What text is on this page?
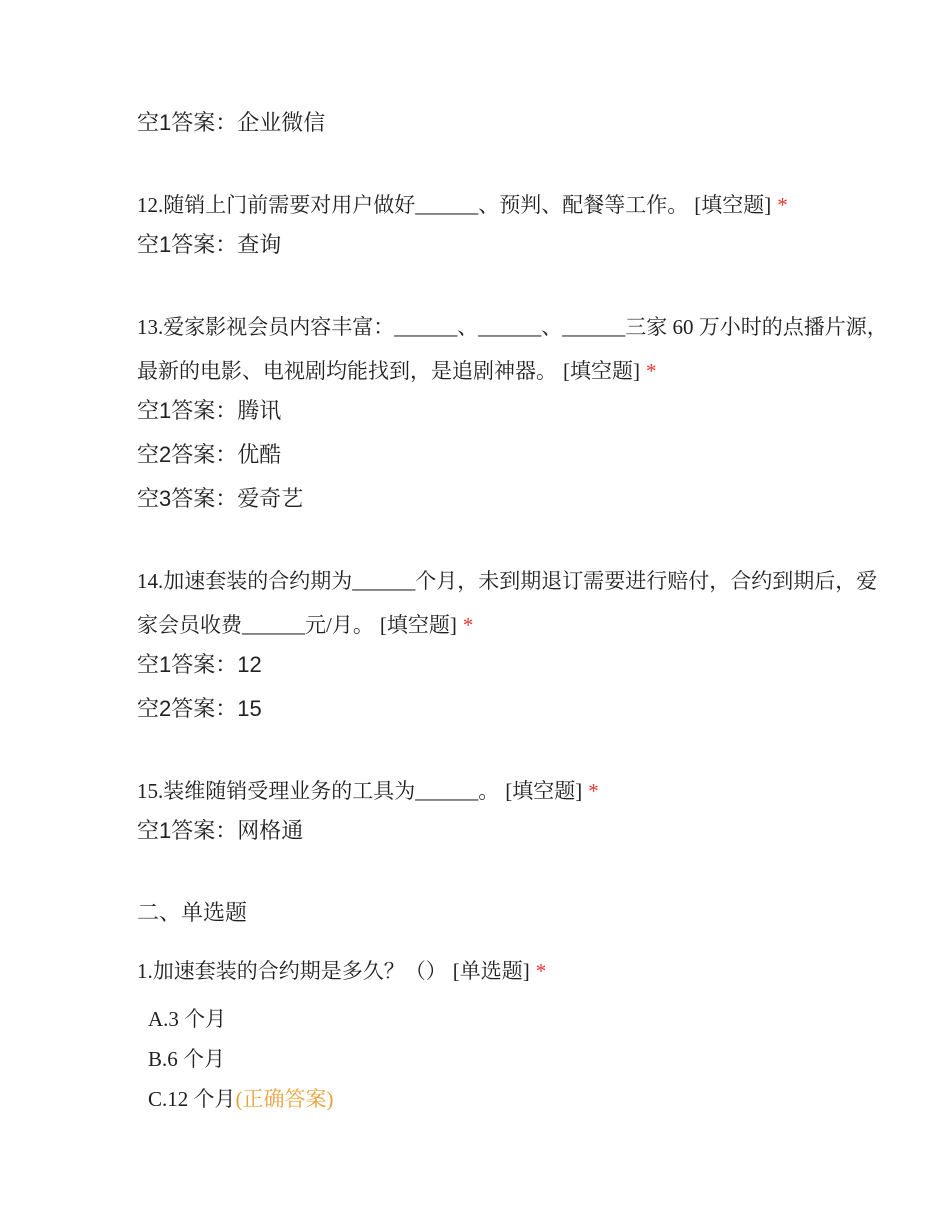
空1答案：企业微信
12.随销上门前需要对用户做好______、预判、配餐等工作。 [填空题] *
空1答案：查询
13.爱家影视会员内容丰富：______、______、______三家 60 万小时的点播片源，
最新的电影、电视剧均能找到，是追剧神器。 [填空题] *
空1答案：腾讯
空2答案：优酷
空3答案：爱奇艺
14.加速套装的合约期为______个月，未到期退订需要进行赔付，合约到期后，爱
家会员收费______元/月。 [填空题] *
空1答案：12
空2答案：15
15.装维随销受理业务的工具为______。 [填空题] *
空1答案：网格通
二、单选题
1.加速套装的合约期是多久？（） [单选题] *
A.3 个月
B.6 个月
C.12 个月(正确答案)
